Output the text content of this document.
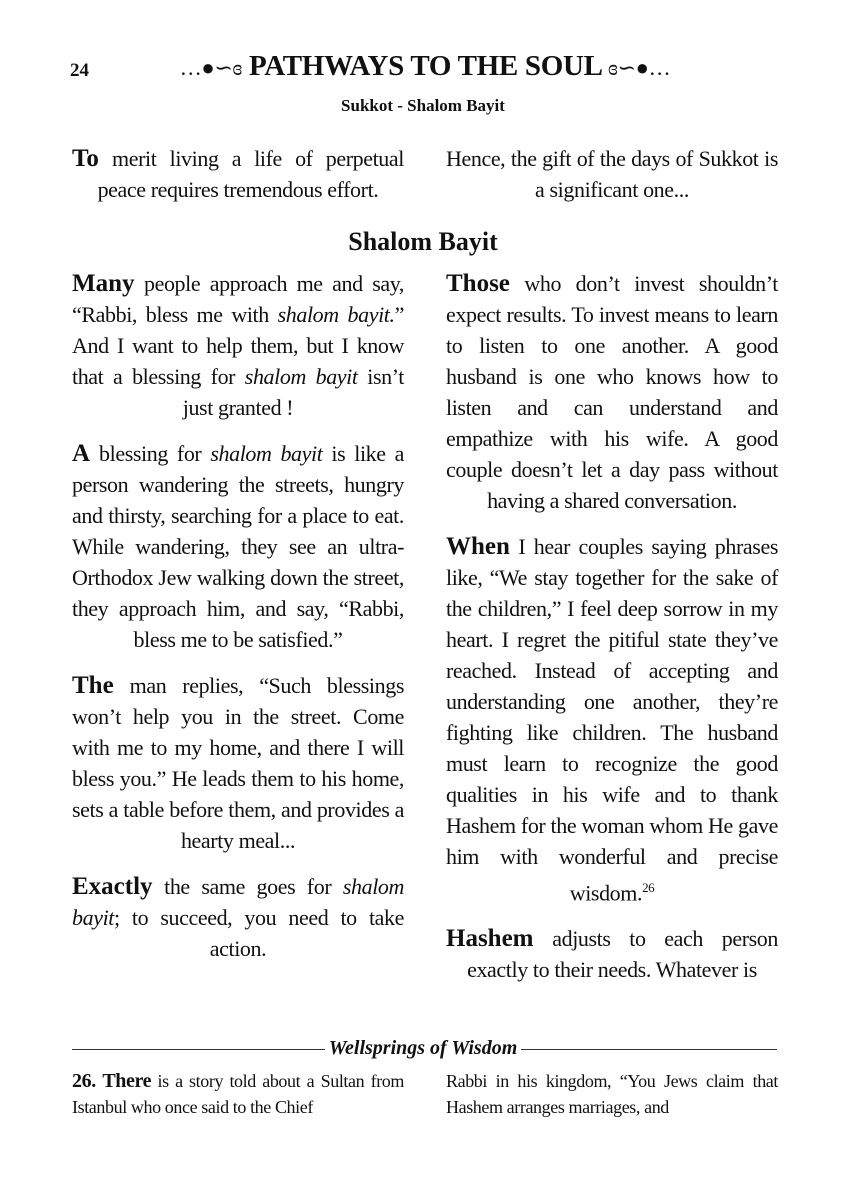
24	…●∽ɞ PATHWAYS TO THE SOUL ɞ∽●…
Sukkot - Shalom Bayit

To merit living a life of perpetual peace requires tremendous effort.

Hence, the gift of the days of Sukkot is a significant one...

Shalom Bayit

Many people approach me and say, “Rabbi, bless me with shalom bayit.” And I want to help them, but I know that a blessing for shalom bayit isn’t just granted !

A blessing for shalom bayit is like a person wandering the streets, hungry and thirsty, searching for a place to eat. While wandering, they see an ultra-Orthodox Jew walking down the street, they approach him, and say, “Rabbi, bless me to be satisfied.”

The man replies, “Such blessings won’t help you in the street. Come with me to my home, and there I will bless you.” He leads them to his home, sets a table before them, and provides a hearty meal...

Exactly the same goes for shalom bayit; to succeed, you need to take action.

Those who don’t invest shouldn’t expect results. To invest means to learn to listen to one another. A good husband is one who knows how to listen and can understand and empathize with his wife. A good couple doesn’t let a day pass without having a shared conversation.

When I hear couples saying phrases like, “We stay together for the sake of the children,” I feel deep sorrow in my heart. I regret the pitiful state they’ve reached. Instead of accepting and understanding one another, they’re fighting like children. The husband must learn to recognize the good qualities in his wife and to thank Hashem for the woman whom He gave him with wonderful and precise wisdom.$^{26}$

Hashem adjusts to each person exactly to their needs. Whatever is

Wellsprings of Wisdom
26. There is a story told about a Sultan from Istanbul who once said to the Chief
Rabbi in his kingdom, “You Jews claim that Hashem arranges marriages, and
